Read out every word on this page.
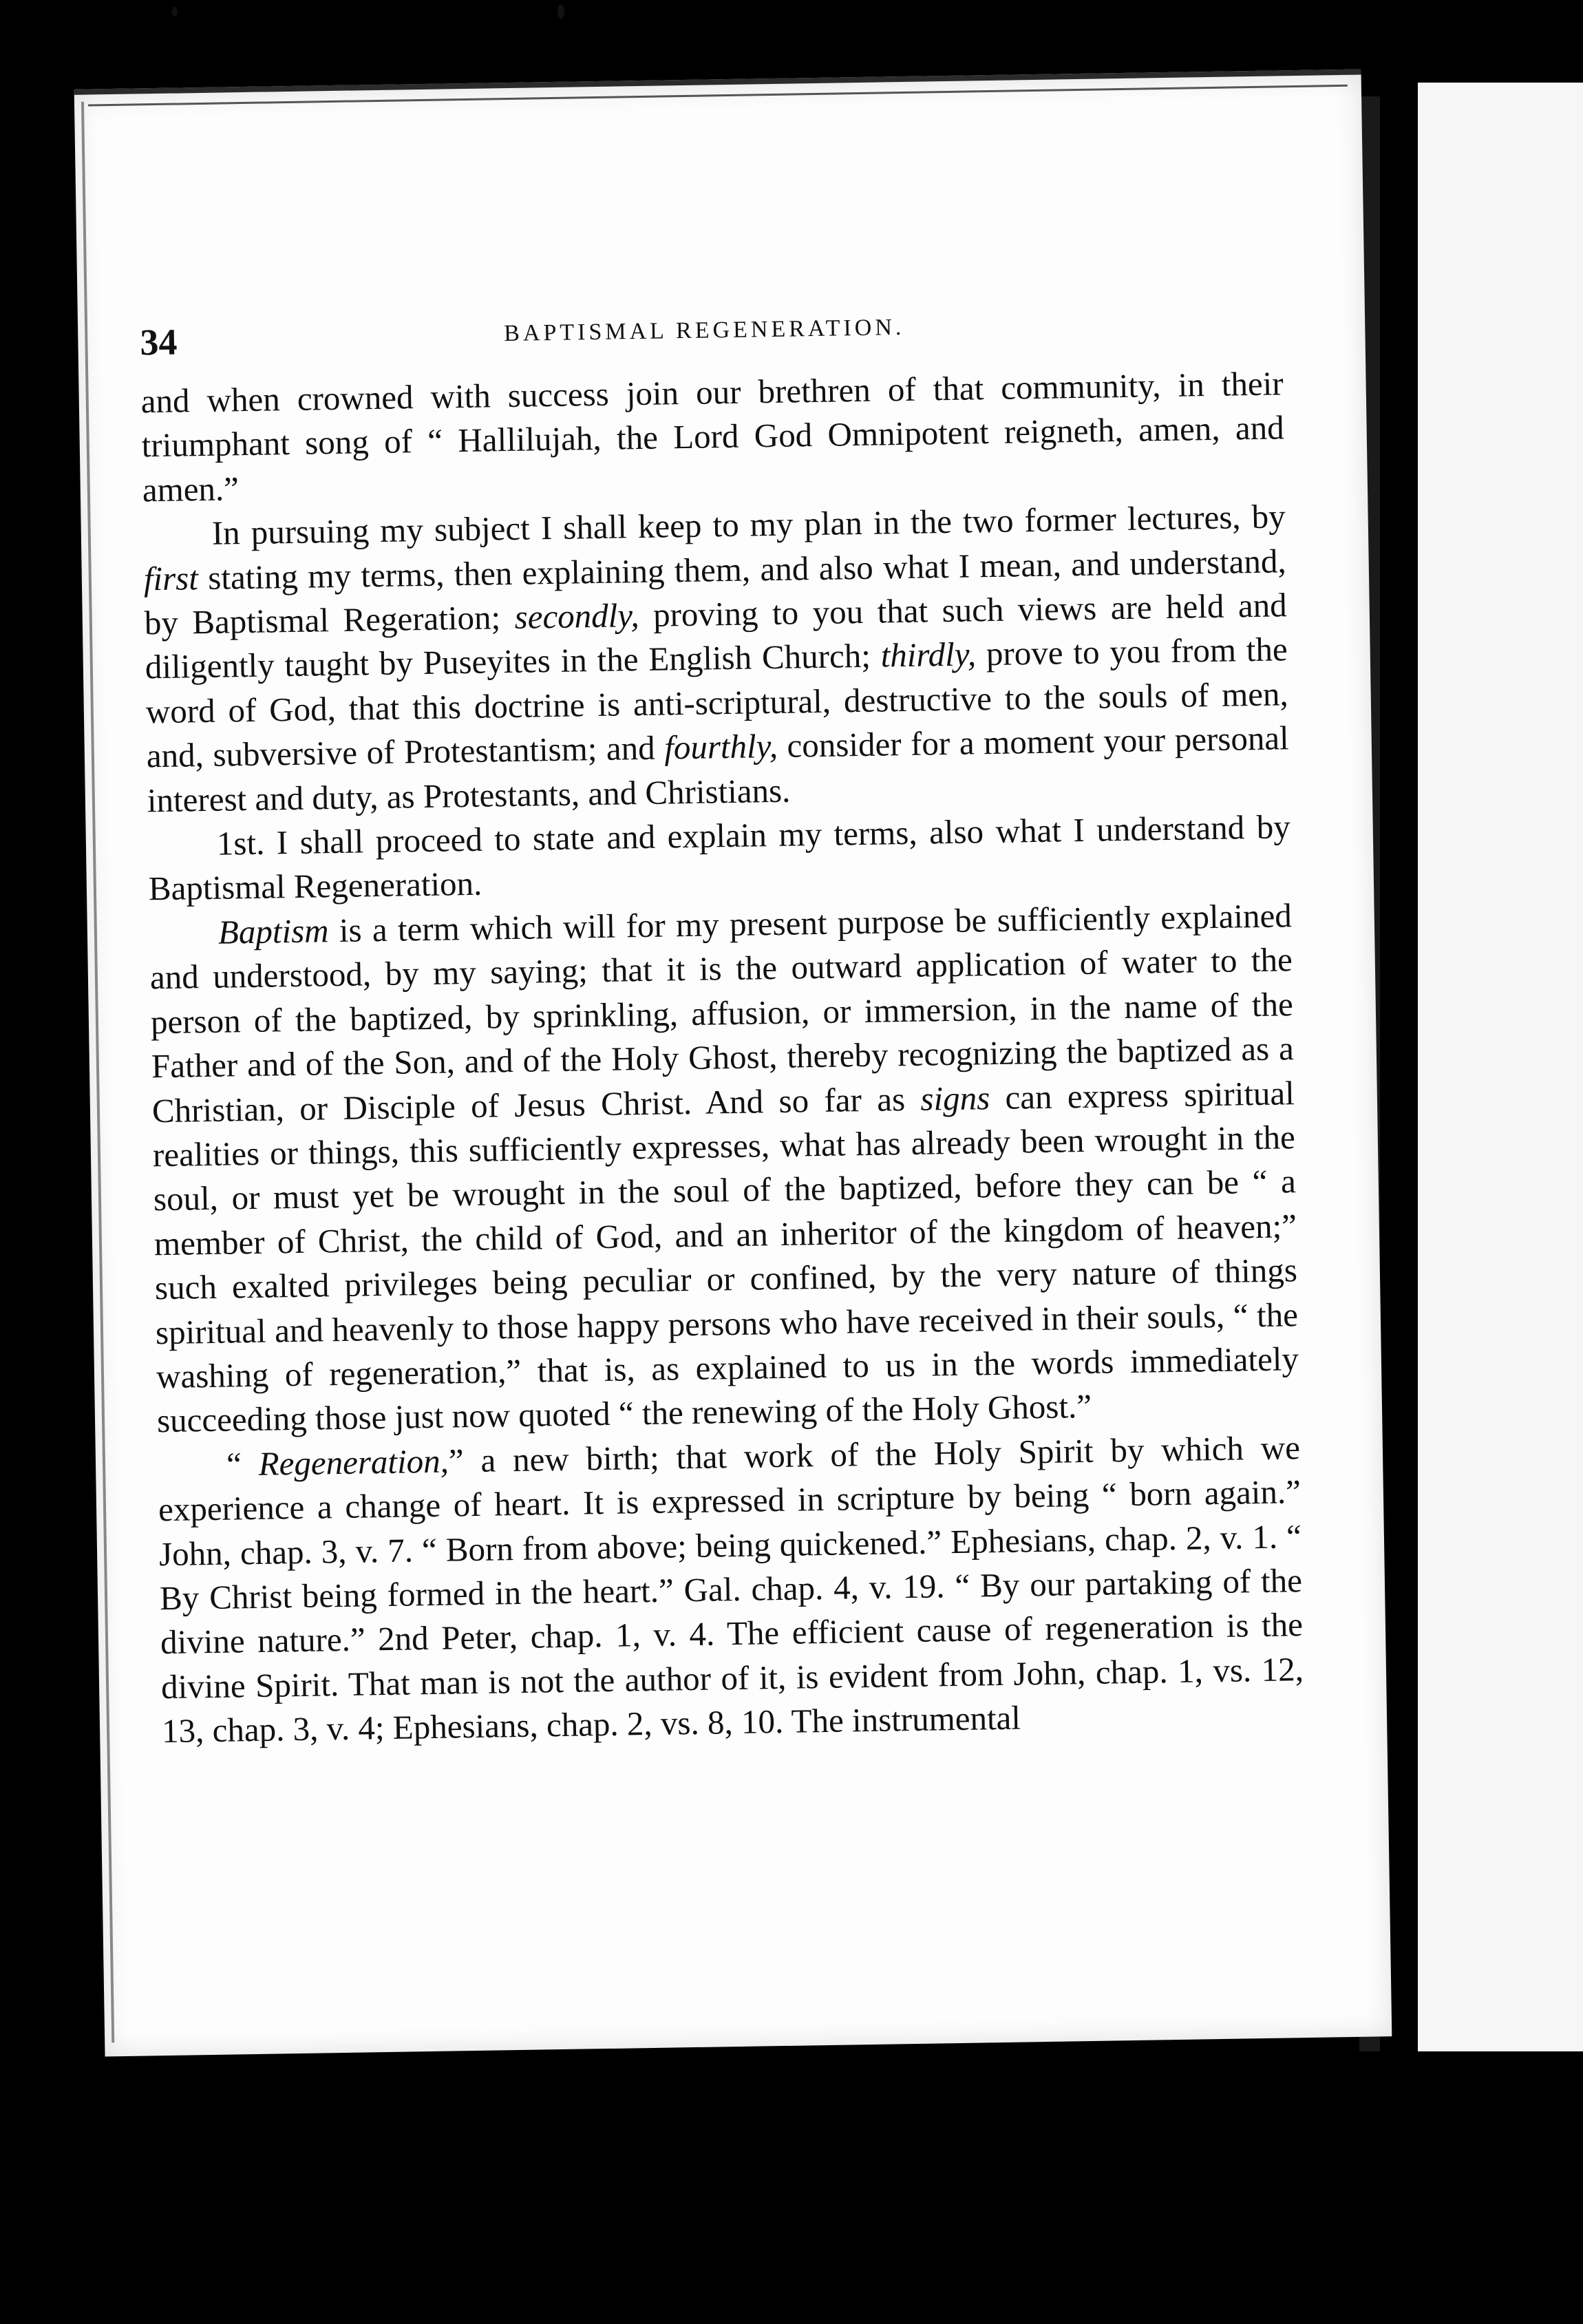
34	BAPTISMAL REGENERATION.

and when crowned with success join our brethren of that community, in their triumphant song of “ Hallilujah, the Lord God Omnipotent reigneth, amen, and amen.”

In pursuing my subject I shall keep to my plan in the two former lectures, by first stating my terms, then explaining them, and also what I mean, and understand, by Baptismal Regeration; secondly, proving to you that such views are held and diligently taught by Puseyites in the English Church; thirdly, prove to you from the word of God, that this doctrine is anti-scriptural, destructive to the souls of men, and, subversive of Protestantism; and fourthly, consider for a moment your personal interest and duty, as Protestants, and Christians.

1st. I shall proceed to state and explain my terms, also what I understand by Baptismal Regeneration.

Baptism is a term which will for my present purpose be sufficiently explained and understood, by my saying; that it is the outward application of water to the person of the baptized, by sprinkling, affusion, or immersion, in the name of the Father and of the Son, and of the Holy Ghost, thereby recognizing the baptized as a Christian, or Disciple of Jesus Christ. And so far as signs can express spiritual realities or things, this sufficiently expresses, what has already been wrought in the soul, or must yet be wrought in the soul of the baptized, before they can be “ a member of Christ, the child of God, and an inheritor of the kingdom of heaven;” such exalted privileges being peculiar or confined, by the very nature of things spiritual and heavenly to those happy persons who have received in their souls, “ the washing of regeneration,” that is, as explained to us in the words immediately succeeding those just now quoted “ the renewing of the Holy Ghost.”

“ Regeneration,” a new birth; that work of the Holy Spirit by which we experience a change of heart. It is expressed in scripture by being “ born again.” John, chap. 3, v. 7. “ Born from above; being quickened.” Ephesians, chap. 2, v. 1. “ By Christ being formed in the heart.” Gal. chap. 4, v. 19. “ By our partaking of the divine nature.” 2nd Peter, chap. 1, v. 4. The efficient cause of regeneration is the divine Spirit. That man is not the author of it, is evident from John, chap. 1, vs. 12, 13, chap. 3, v. 4; Ephesians, chap. 2, vs. 8, 10. The instrumental
